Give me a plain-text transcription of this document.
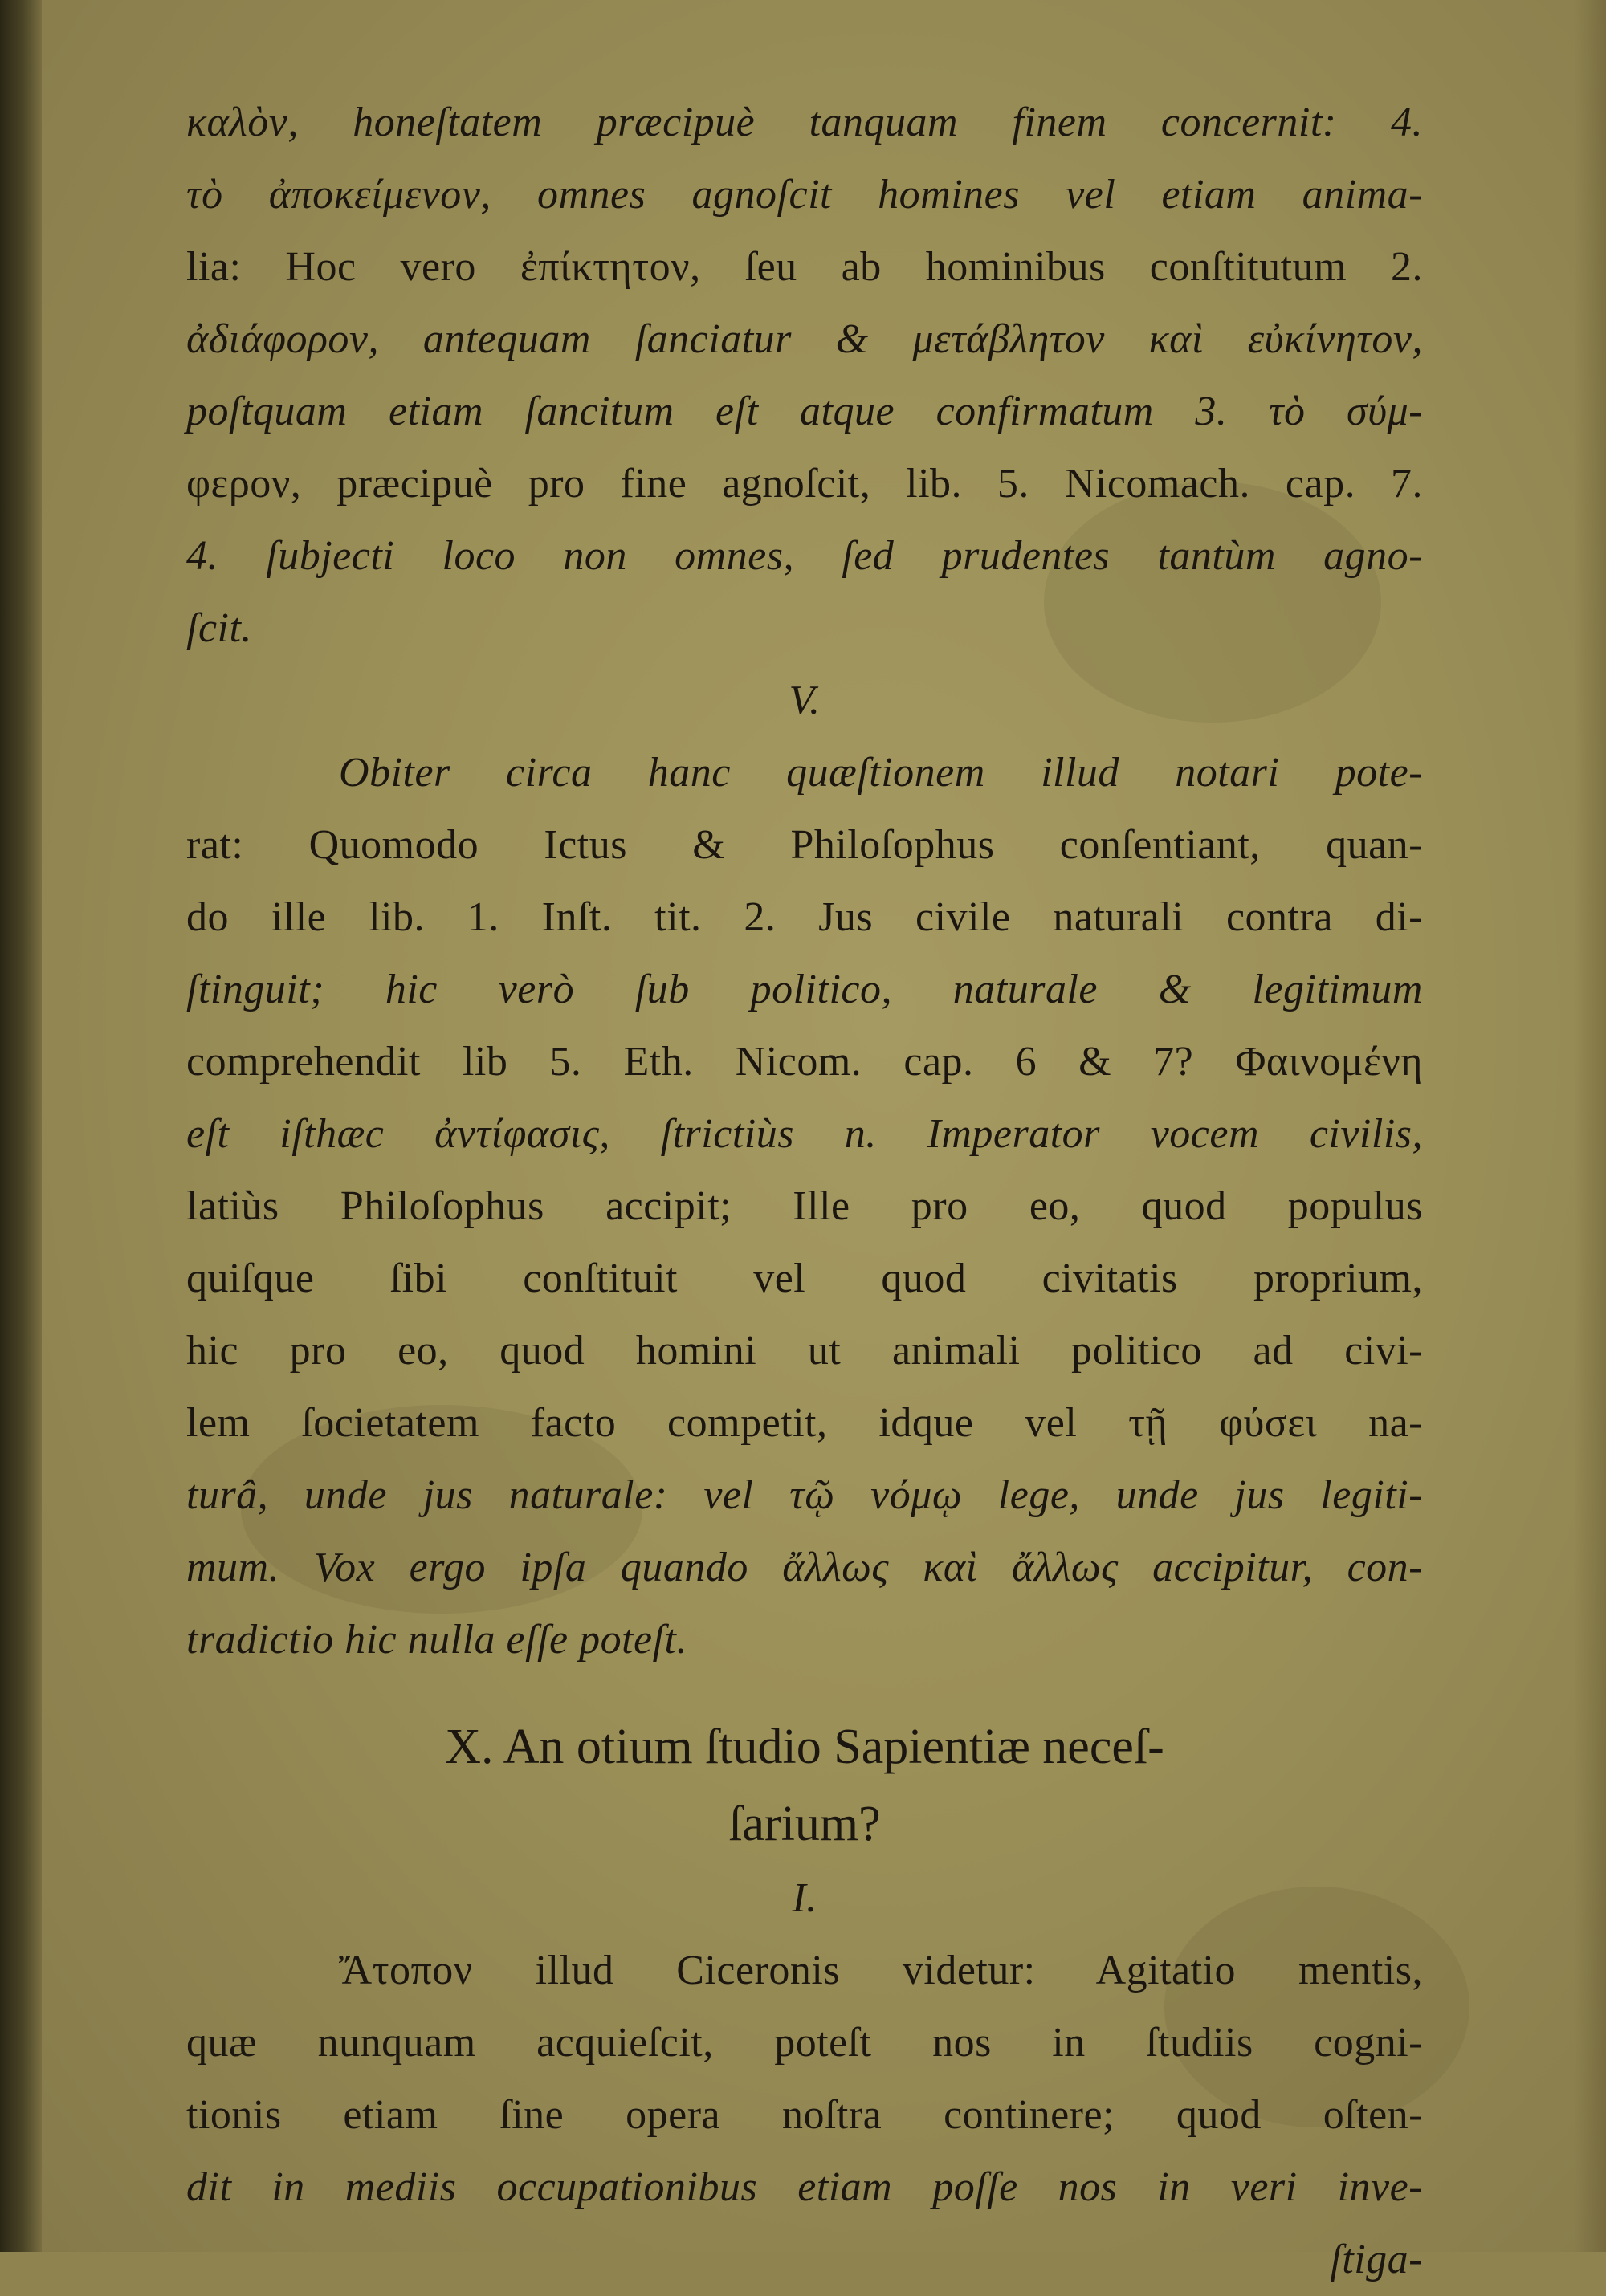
καλὸν, honeſtatem præcipuè tanquam finem concernit: 4.
τὸ ἀποκείμενον, omnes agnoſcit homines vel etiam anima-
lia: Hoc vero ἐπίκτητον, ſeu ab hominibus conſtitutum 2.
ἀδιάφορον, antequam ſanciatur & μετάβλητον καὶ εὐκίνητον,
poſtquam etiam ſancitum eſt atque confirmatum 3. τὸ σύμ-
φερον, præcipuè pro fine agnoſcit, lib. 5. Nicomach. cap. 7.
4. ſubjecti loco non omnes, ſed prudentes tantùm agno-
ſcit.
V.
Obiter circa hanc quæſtionem illud notari pote-
rat: Quomodo Ictus & Philoſophus conſentiant, quan-
do ille lib. 1. Inſt. tit. 2. Jus civile naturali contra di-
ſtinguit; hic verò ſub politico, naturale & legitimum
comprehendit lib 5. Eth. Nicom. cap. 6 & 7? Φαινομένη
eſt iſthæc ἀντίφασις, ſtrictiùs n. Imperator vocem civilis,
latiùs Philoſophus accipit; Ille pro eo, quod populus
quiſque ſibi conſtituit vel quod civitatis proprium,
hic pro eo, quod homini ut animali politico ad civi-
lem ſocietatem facto competit, idque vel τῇ φύσει na-
turâ, unde jus naturale: vel τῷ νόμῳ lege, unde jus legiti-
mum. Vox ergo ipſa quando ἄλλως καὶ ἄλλως accipitur, con-
tradictio hic nulla eſſe poteſt.
X. An otium ſtudio Sapientiæ neceſ-
ſarium?
I.
Ἄτοπον illud Ciceronis videtur: Agitatio mentis,
quæ nunquam acquieſcit, poteſt nos in ſtudiis cogni-
tionis etiam ſine opera noſtra continere; quod oſten-
dit in mediis occupationibus etiam poſſe nos in veri inve-
ſtiga-
